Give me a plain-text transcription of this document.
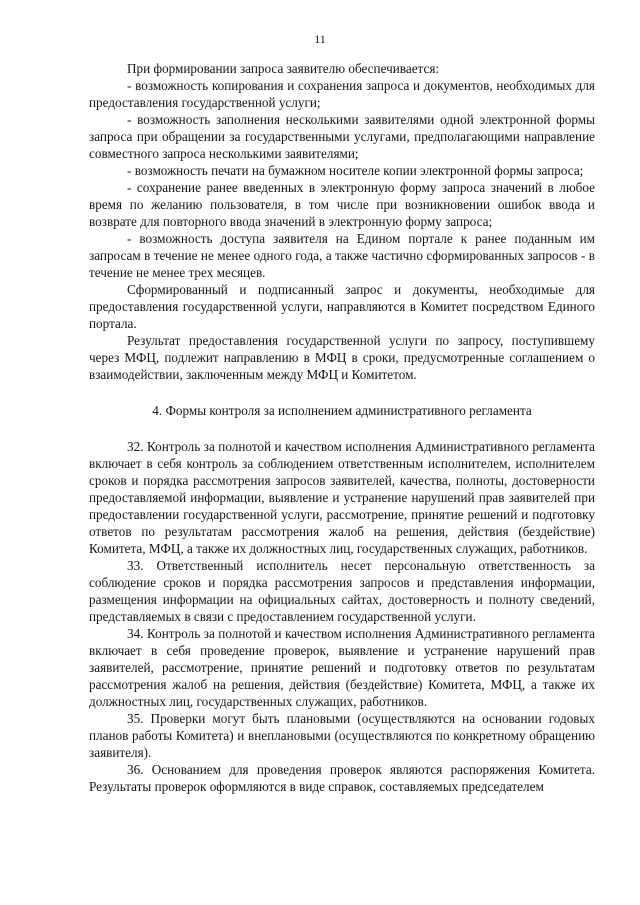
11

При формировании запроса заявителю обеспечивается:

- возможность копирования и сохранения запроса и документов, необходимых для предоставления государственной услуги;

- возможность заполнения несколькими заявителями одной электронной формы запроса при обращении за государственными услугами, предполагающими направление совместного запроса несколькими заявителями;

- возможность печати на бумажном носителе копии электронной формы запроса;

- сохранение ранее введенных в электронную форму запроса значений в любое время по желанию пользователя, в том числе при возникновении ошибок ввода и возврате для повторного ввода значений в электронную форму запроса;

- возможность доступа заявителя на Едином портале к ранее поданным им запросам в течение не менее одного года, а также частично сформированных запросов - в течение не менее трех месяцев.

Сформированный и подписанный запрос и документы, необходимые для предоставления государственной услуги, направляются в Комитет посредством Единого портала.

Результат предоставления государственной услуги по запросу, поступившему через МФЦ, подлежит направлению в МФЦ в сроки, предусмотренные соглашением о взаимодействии, заключенным между МФЦ и Комитетом.

4. Формы контроля за исполнением административного регламента

32. Контроль за полнотой и качеством исполнения Административного регламента включает в себя контроль за соблюдением ответственным исполнителем, исполнителем сроков и порядка рассмотрения запросов заявителей, качества, полноты, достоверности предоставляемой информации, выявление и устранение нарушений прав заявителей при предоставлении государственной услуги, рассмотрение, принятие решений и подготовку ответов по результатам рассмотрения жалоб на решения, действия (бездействие) Комитета, МФЦ, а также их должностных лиц, государственных служащих, работников.

33. Ответственный исполнитель несет персональную ответственность за соблюдение сроков и порядка рассмотрения запросов и представления информации, размещения информации на официальных сайтах, достоверность и полноту сведений, представляемых в связи с предоставлением государственной услуги.

34. Контроль за полнотой и качеством исполнения Административного регламента включает в себя проведение проверок, выявление и устранение нарушений прав заявителей, рассмотрение, принятие решений и подготовку ответов по результатам рассмотрения жалоб на решения, действия (бездействие) Комитета, МФЦ, а также их должностных лиц, государственных служащих, работников.

35. Проверки могут быть плановыми (осуществляются на основании годовых планов работы Комитета) и внеплановыми (осуществляются по конкретному обращению заявителя).

36. Основанием для проведения проверок являются распоряжения Комитета. Результаты проверок оформляются в виде справок, составляемых председателем
